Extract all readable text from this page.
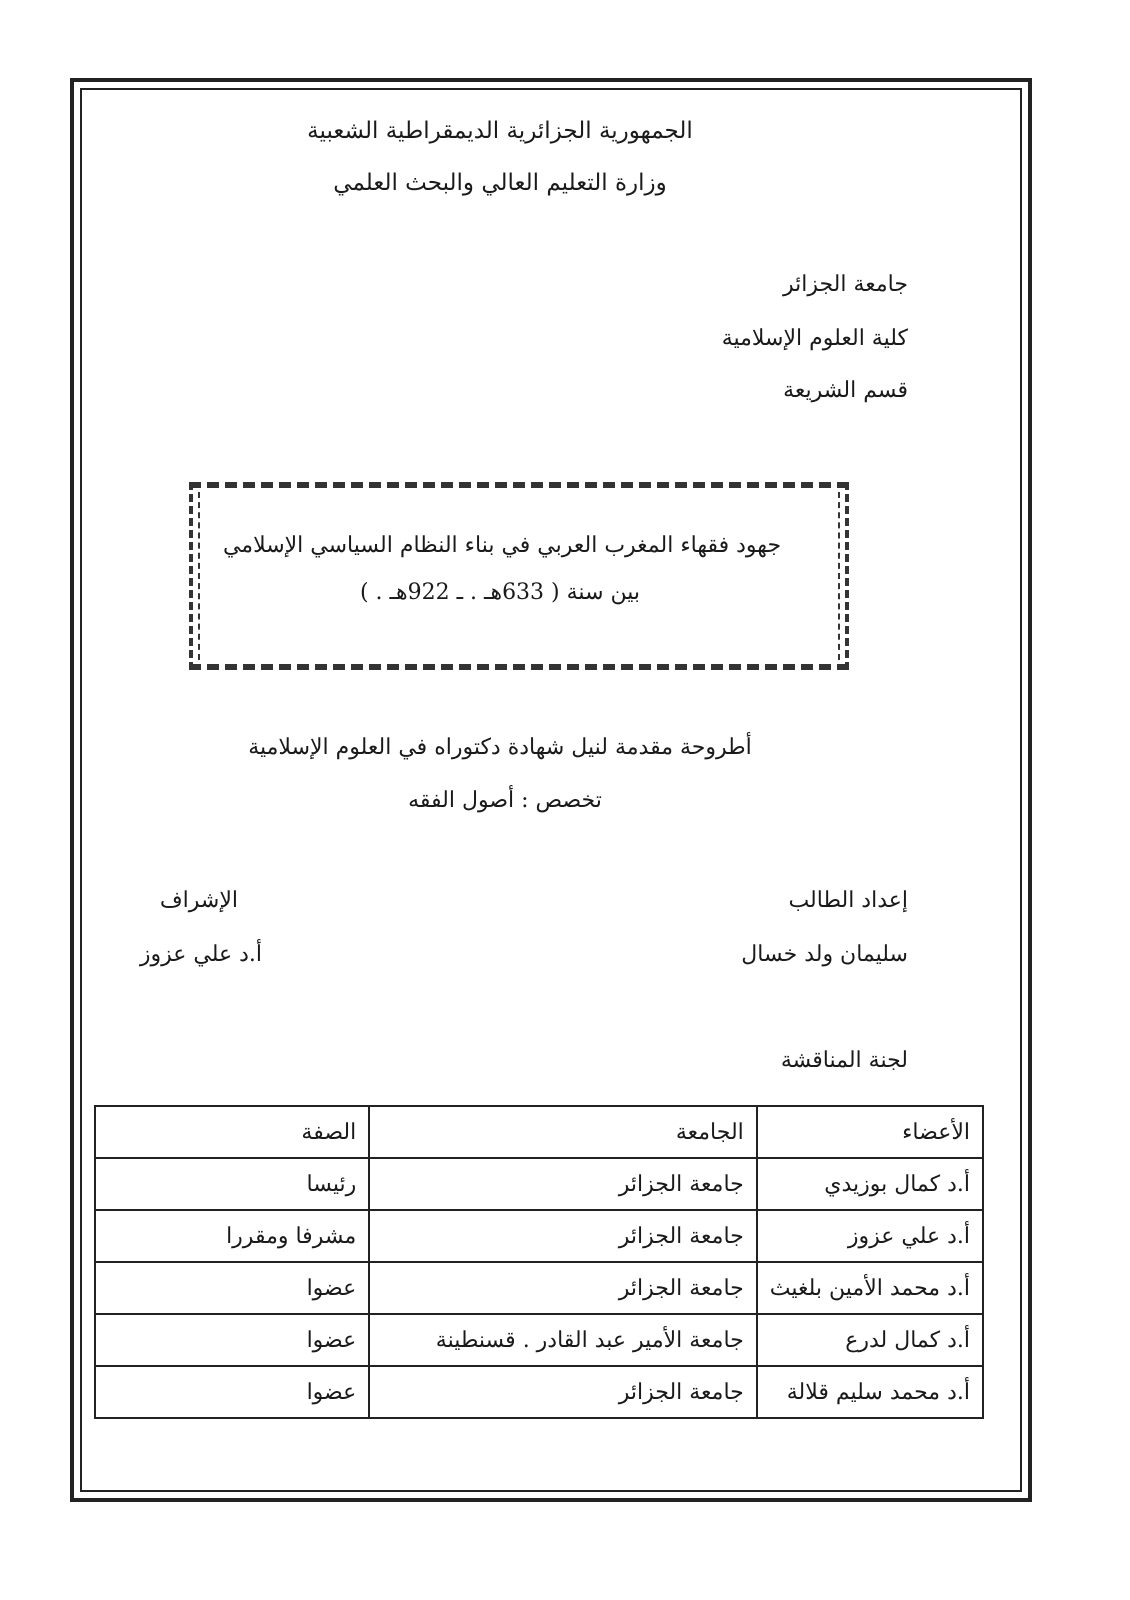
الجمهورية الجزائرية الديمقراطية الشعبية
وزارة التعليم العالي والبحث العلمي
جامعة الجزائر
كلية العلوم الإسلامية
قسم الشريعة
جهود فقهاء المغرب العربي في بناء النظام السياسي الإسلامي
بين سنة ( 633هـ . ـ 922هـ . )
أطروحة مقدمة لنيل شهادة دكتوراه في العلوم الإسلامية
تخصص : أصول الفقه
إعداد الطالب
سليمان ولد خسال
الإشراف
أ.د علي عزوز
لجنة المناقشة
الأعضاء	الجامعة	الصفة
أ.د كمال بوزيدي	جامعة الجزائر	رئيسا
أ.د علي عزوز	جامعة الجزائر	مشرفا ومقررا
أ.د محمد الأمين بلغيث	جامعة الجزائر	عضوا
أ.د كمال لدرع	جامعة الأمير عبد القادر . قسنطينة	عضوا
أ.د محمد سليم قلالة	جامعة الجزائر	عضوا
